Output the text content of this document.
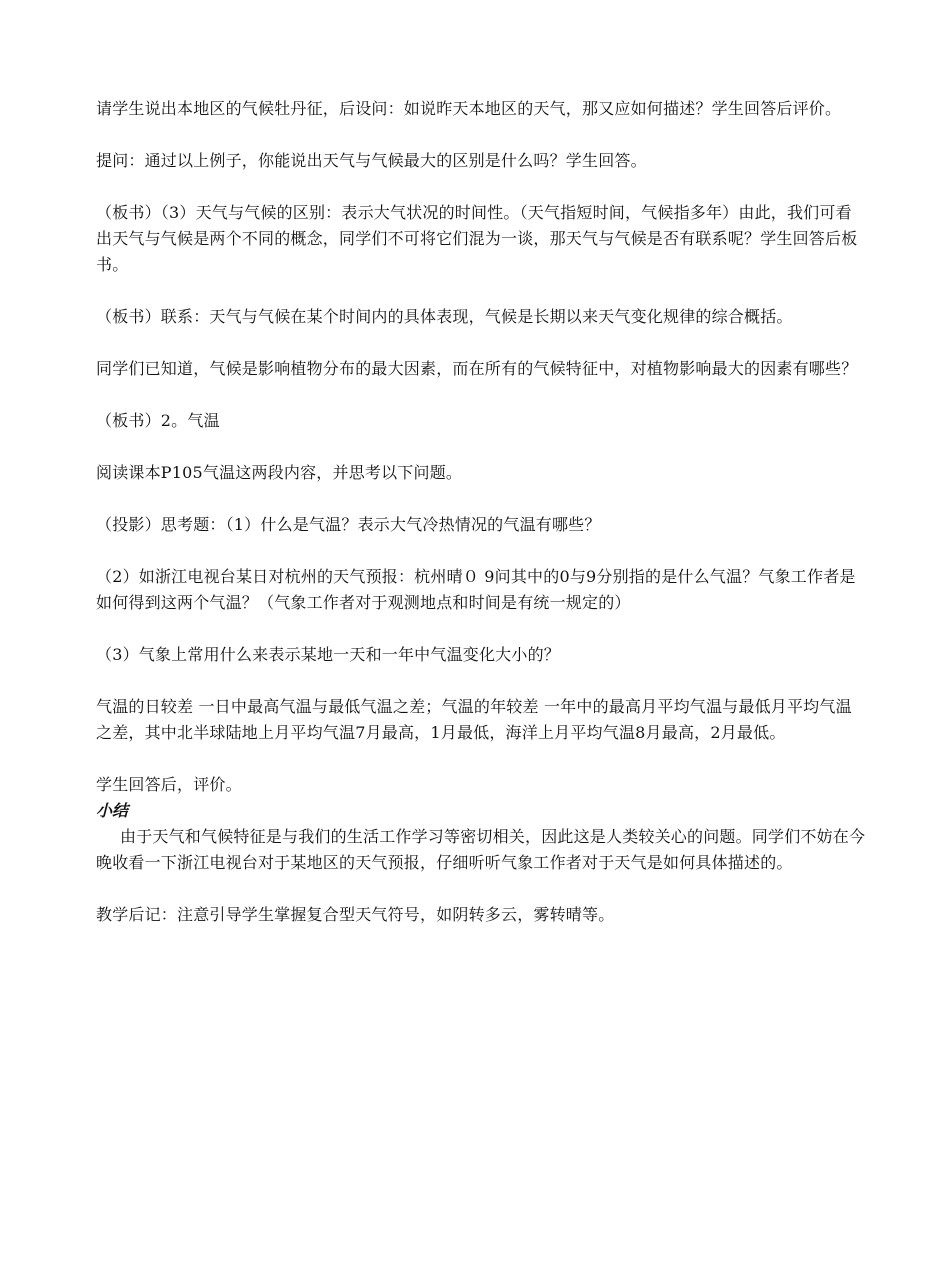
请学生说出本地区的气候牡丹征，后设问：如说昨天本地区的天气，那又应如何描述？学生回答后评价。

提问：通过以上例子，你能说出天气与气候最大的区别是什么吗？学生回答。

（板书）（3）天气与气候的区别：表示大气状况的时间性。（天气指短时间，气候指多年）由此，我们可看出天气与气候是两个不同的概念，同学们不可将它们混为一谈，那天气与气候是否有联系呢？学生回答后板书。

（板书）联系：天气与气候在某个时间内的具体表现，气候是长期以来天气变化规律的综合概括。

同学们已知道，气候是影响植物分布的最大因素，而在所有的气候特征中，对植物影响最大的因素有哪些？

（板书）2。气温

阅读课本P105气温这两段内容，并思考以下问题。

（投影）思考题：（1）什么是气温？表示大气冷热情况的气温有哪些？

（2）如浙江电视台某日对杭州的天气预报：杭州晴０ 9问其中的0与9分别指的是什么气温？气象工作者是如何得到这两个气温？（气象工作者对于观测地点和时间是有统一规定的）

（3）气象上常用什么来表示某地一天和一年中气温变化大小的？

气温的日较差 一日中最高气温与最低气温之差；气温的年较差 一年中的最高月平均气温与最低月平均气温之差，其中北半球陆地上月平均气温7月最高，1月最低，海洋上月平均气温8月最高，2月最低。

学生回答后，评价。

小结

由于天气和气候特征是与我们的生活工作学习等密切相关，因此这是人类较关心的问题。同学们不妨在今晚收看一下浙江电视台对于某地区的天气预报，仔细听听气象工作者对于天气是如何具体描述的。

教学后记：注意引导学生掌握复合型天气符号，如阴转多云，雾转晴等。
